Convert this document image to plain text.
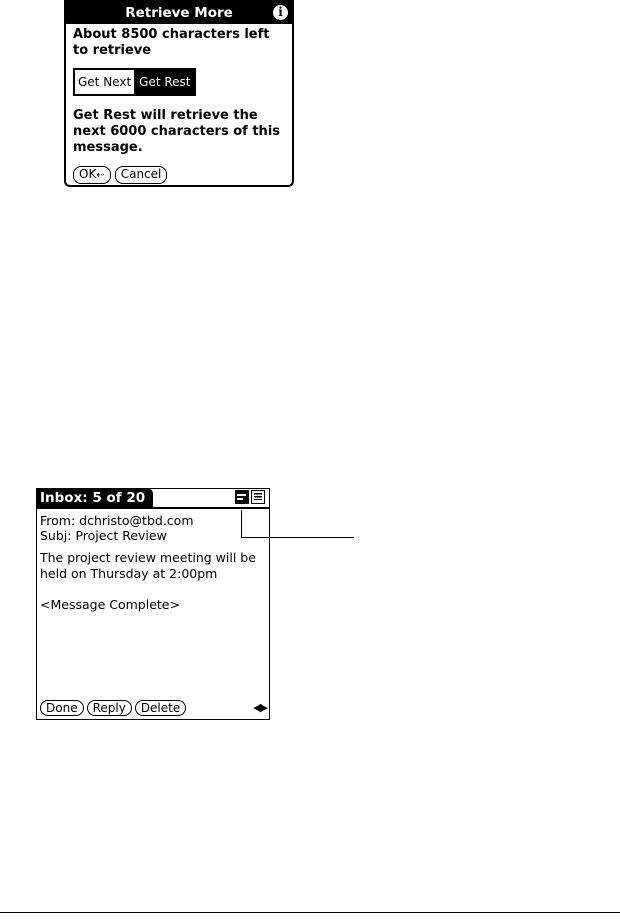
Retrieve More	i

About 8500 characters left to retrieve

Get Next Get Rest

Get Rest will retrieve the next 6000 characters of this message.

OK⇠	Cancel
Inbox: 5 of 20
From: dchristo@tbd.com
Subj: Project Review

The project review meeting will be held on Thursday at 2:00pm

<Message Complete>
Done	Reply	Delete	◀▶
